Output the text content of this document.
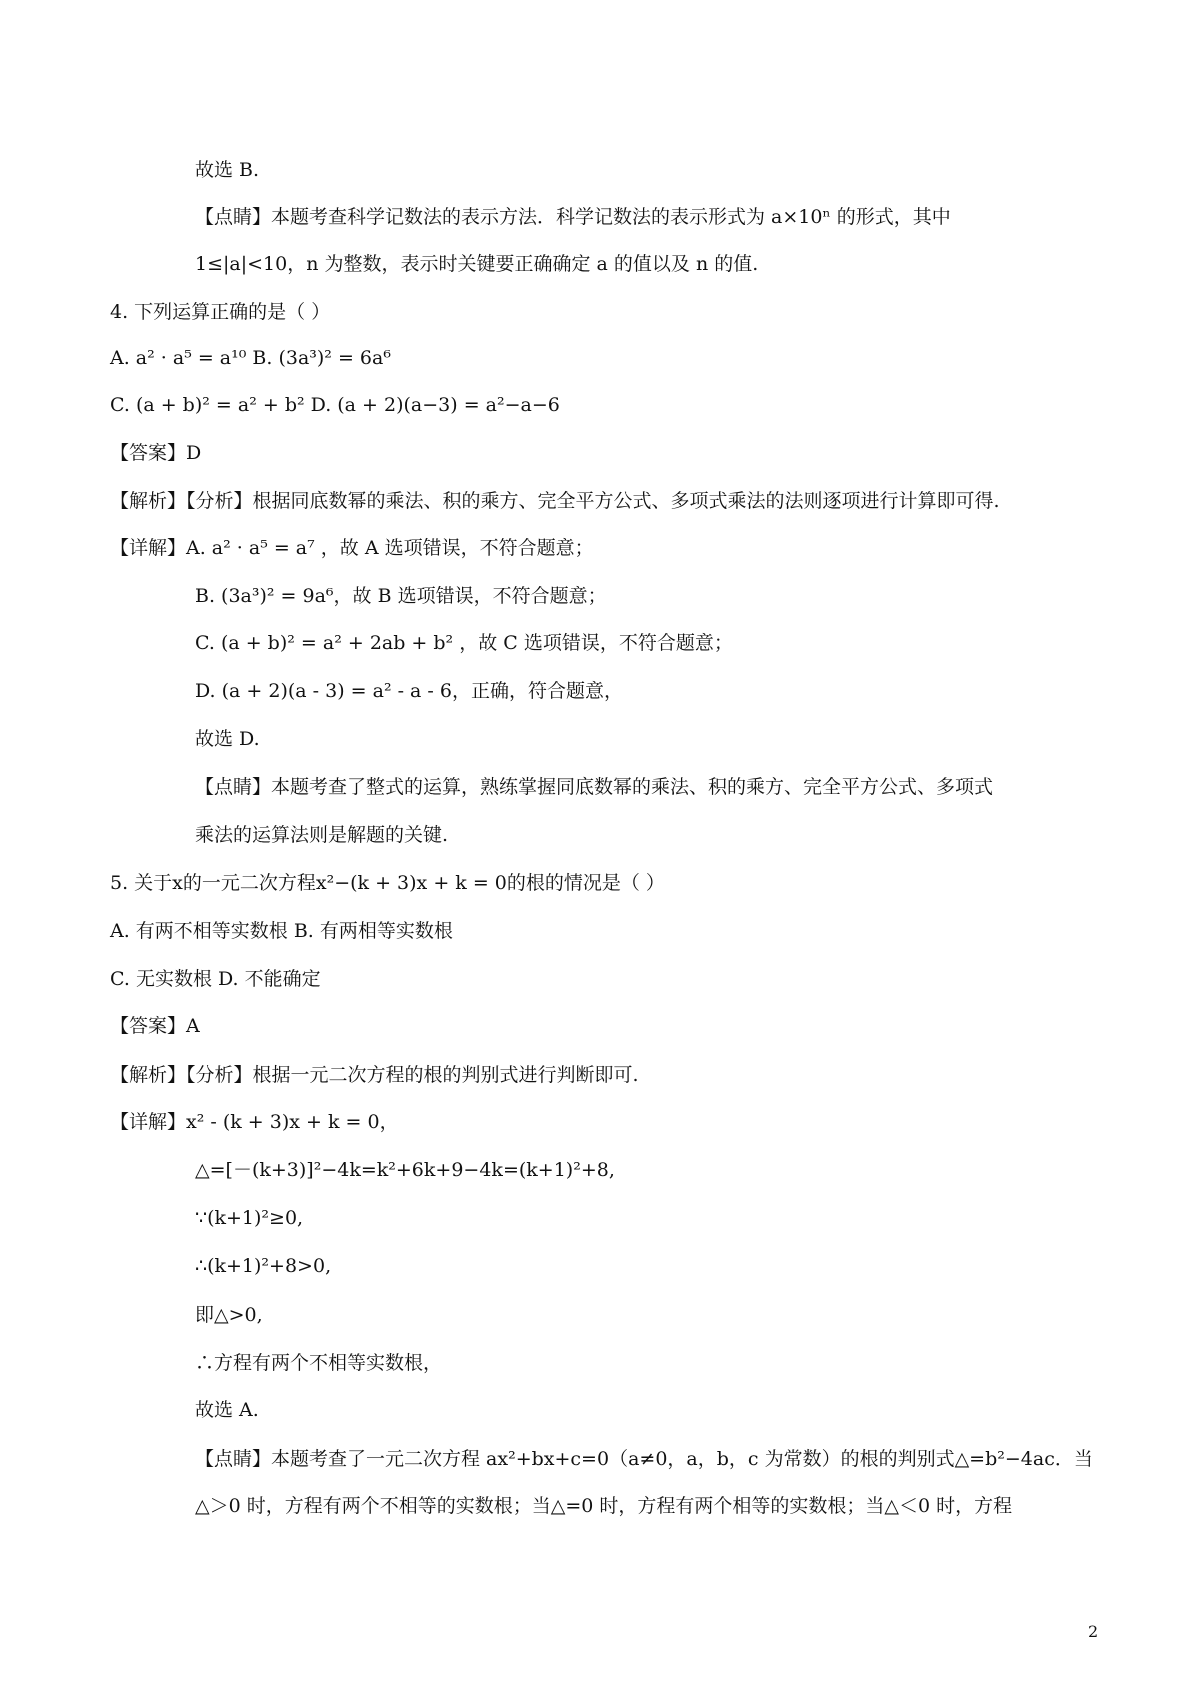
故选 B.
【点睛】本题考查科学记数法的表示方法．科学记数法的表示形式为 a×10ⁿ 的形式，其中
1≤|a|<10，n 为整数，表示时关键要正确确定 a 的值以及 n 的值.
4. 下列运算正确的是（ ）
A. a² · a⁵ = a¹⁰ B. (3a³)² = 6a⁶
C. (a + b)² = a² + b² D. (a + 2)(a−3) = a²−a−6
【答案】D
【解析】【分析】根据同底数幂的乘法、积的乘方、完全平方公式、多项式乘法的法则逐项进行计算即可得.
【详解】A. a² · a⁵ = a⁷ ，故 A 选项错误，不符合题意；
B. (3a³)² = 9a⁶，故 B 选项错误，不符合题意；
C. (a + b)² = a² + 2ab + b² ，故 C 选项错误，不符合题意；
D. (a + 2)(a - 3) = a² - a - 6，正确，符合题意，
故选 D.
【点睛】本题考查了整式的运算，熟练掌握同底数幂的乘法、积的乘方、完全平方公式、多项式
乘法的运算法则是解题的关键.
5. 关于x的一元二次方程x²−(k + 3)x + k = 0的根的情况是（ ）
A. 有两不相等实数根 B. 有两相等实数根
C. 无实数根 D. 不能确定
【答案】A
【解析】【分析】根据一元二次方程的根的判别式进行判断即可.
【详解】x² - (k + 3)x + k = 0，
△=[－(k+3)]²−4k=k²+6k+9−4k=(k+1)²+8,
∵(k+1)²≥0,
∴(k+1)²+8>0,
即△>0,
∴方程有两个不相等实数根，
故选 A.
【点睛】本题考查了一元二次方程 ax²+bx+c=0（a≠0，a，b，c 为常数）的根的判别式△=b²−4ac．当
△＞0 时，方程有两个不相等的实数根；当△=0 时，方程有两个相等的实数根；当△＜0 时，方程
2
